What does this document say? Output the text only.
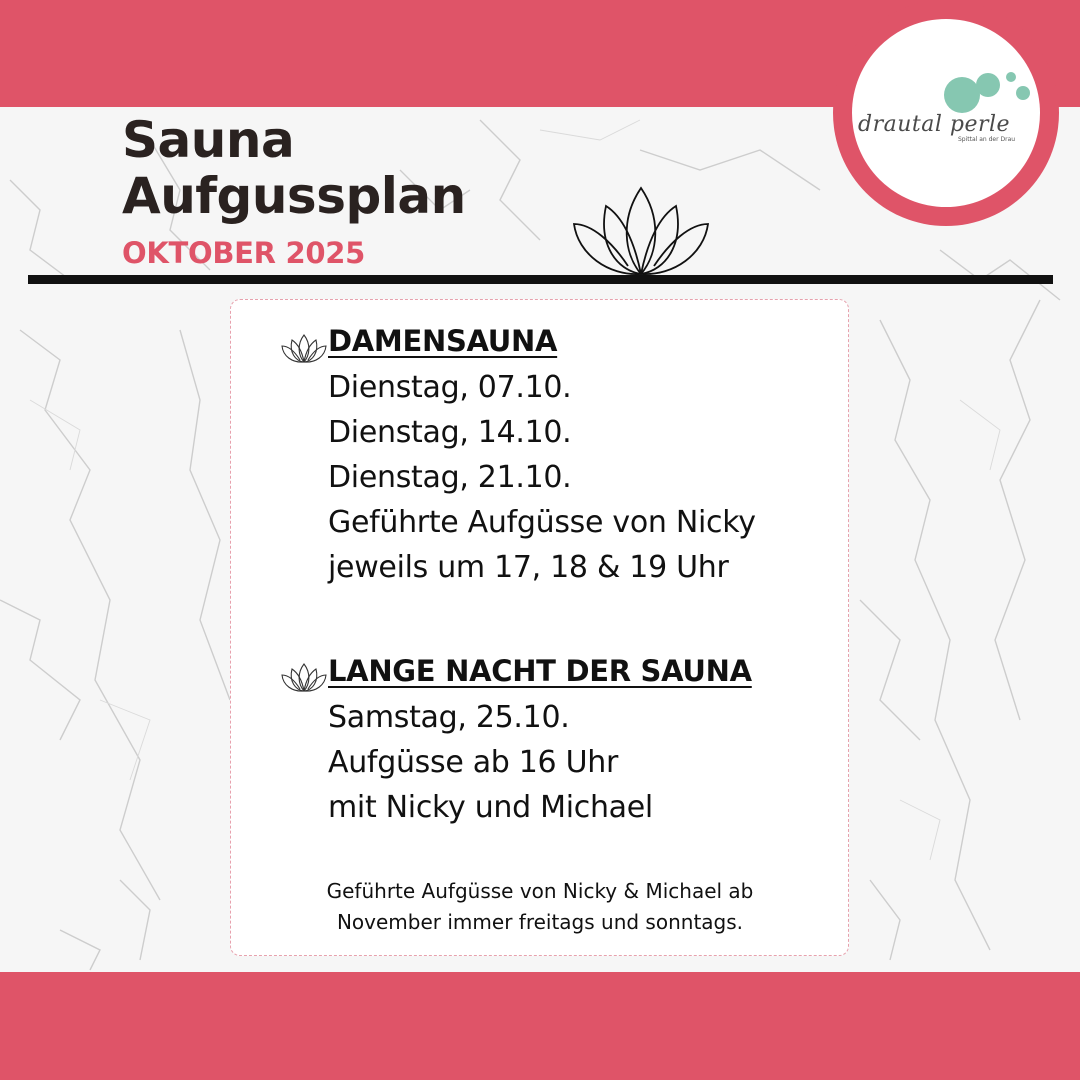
Sauna
Aufgussplan
OKTOBER 2025
drautal perle
Spittal an der Drau
DAMENSAUNA
Dienstag, 07.10.
Dienstag, 14.10.
Dienstag, 21.10.
Geführte Aufgüsse von Nicky
jeweils um 17, 18 & 19 Uhr
LANGE NACHT DER SAUNA
Samstag, 25.10.
Aufgüsse ab 16 Uhr
mit Nicky und Michael
Geführte Aufgüsse von Nicky & Michael ab
November immer freitags und sonntags.
